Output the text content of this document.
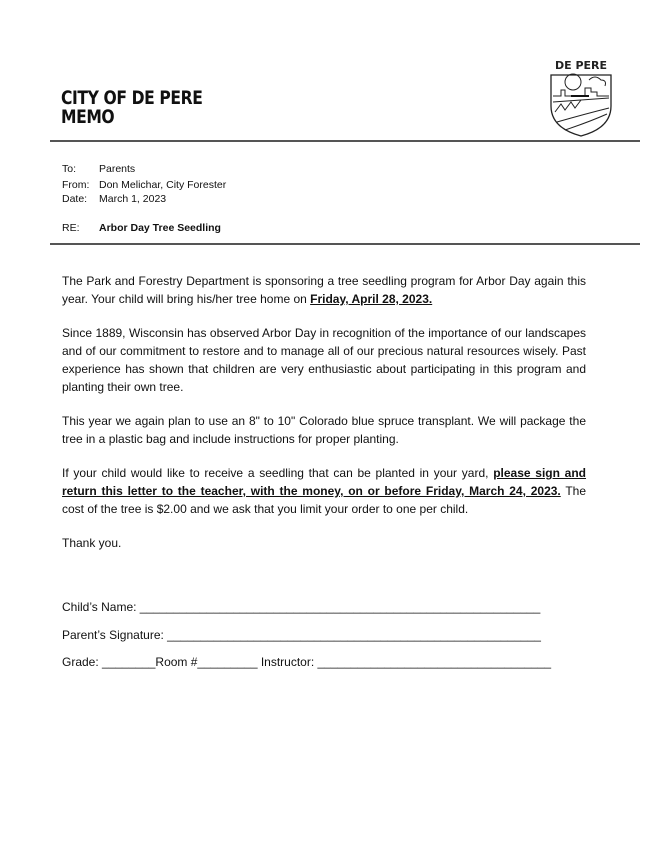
DE PERE
CITY OF DE PERE
MEMO
To: Parents
From: Don Melichar, City Forester
Date: March 1, 2023
RE: Arbor Day Tree Seedling

The Park and Forestry Department is sponsoring a tree seedling program for Arbor Day again this year. Your child will bring his/her tree home on Friday, April 28, 2023.

Since 1889, Wisconsin has observed Arbor Day in recognition of the importance of our landscapes and of our commitment to restore and to manage all of our precious natural resources wisely. Past experience has shown that children are very enthusiastic about participating in this program and planting their own tree.

This year we again plan to use an 8" to 10" Colorado blue spruce transplant. We will package the tree in a plastic bag and include instructions for proper planting.

If your child would like to receive a seedling that can be planted in your yard, please sign and return this letter to the teacher, with the money, on or before Friday, March 24, 2023. The cost of the tree is $2.00 and we ask that you limit your order to one per child.

Thank you.

Child’s Name: ____________________________________________________________
Parent’s Signature: ________________________________________________________
Grade: ________Room #_________ Instructor: ___________________________________
